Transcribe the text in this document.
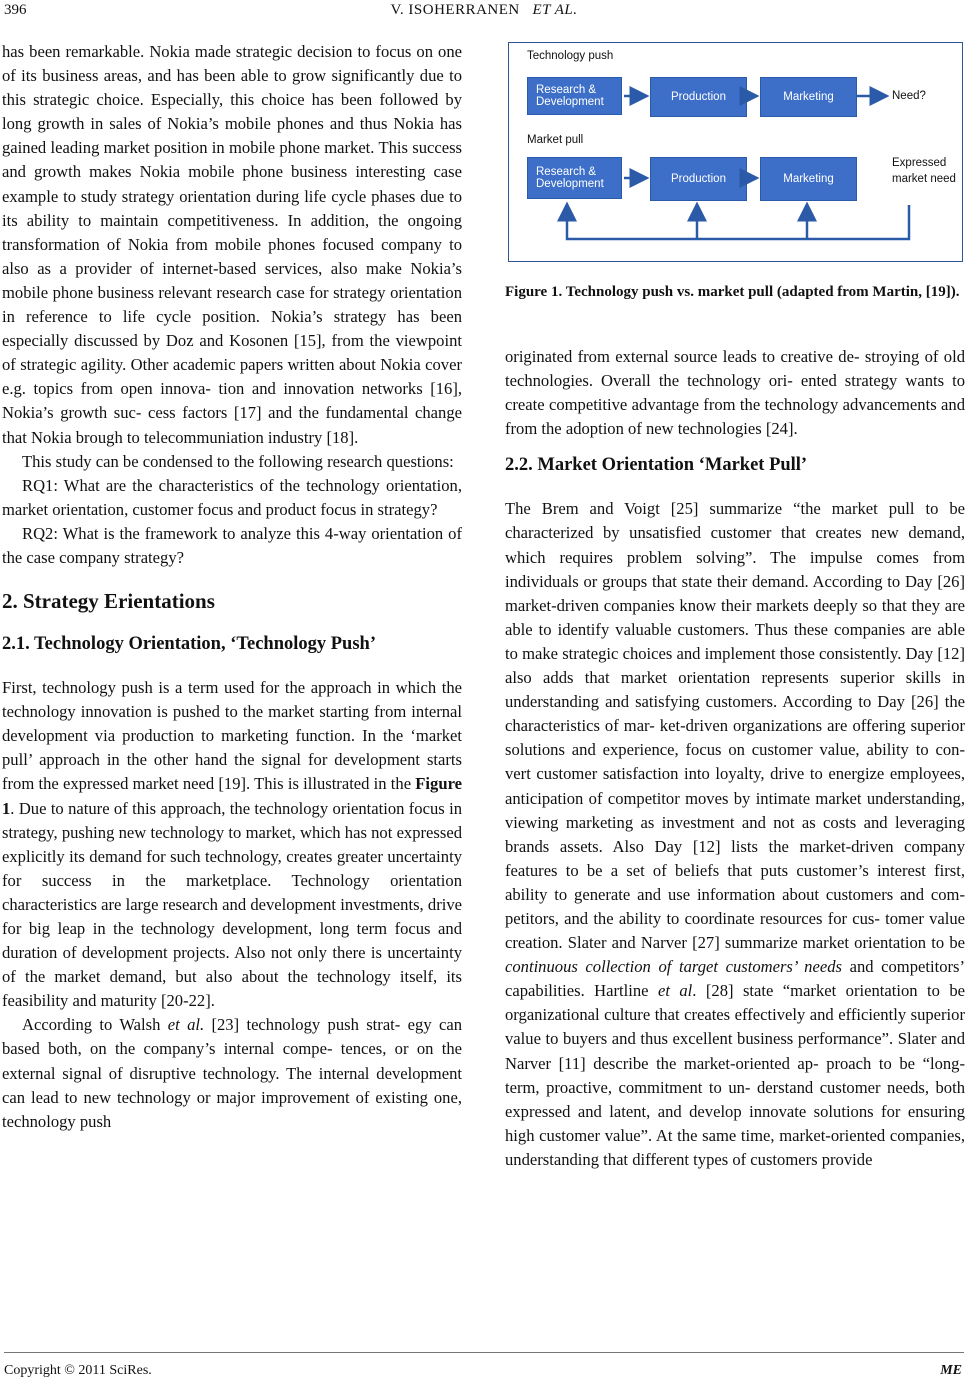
396	V. ISOHERRANEN ET AL.

has been remarkable. Nokia made strategic decision to focus on one of its business areas, and has been able to grow significantly due to this strategic choice. Especially, this choice has been followed by long growth in sales of Nokia’s mobile phones and thus Nokia has gained leading market position in mobile phone market. This success and growth makes Nokia mobile phone business interesting case example to study strategy orientation during life cycle phases due to its ability to maintain competitiveness. In addition, the ongoing transformation of Nokia from mobile phones focused company to also as a provider of internet-based services, also make Nokia’s mobile phone business relevant research case for strategy orientation in reference to life cycle position. Nokia’s strategy has been especially discussed by Doz and Kosonen [15], from the viewpoint of strategic agility. Other academic papers written about Nokia cover e.g. topics from open innova- tion and innovation networks [16], Nokia’s growth suc- cess factors [17] and the fundamental change that Nokia brough to telecommuniation industry [18].

This study can be condensed to the following research questions:

RQ1: What are the characteristics of the technology orientation, market orientation, customer focus and product focus in strategy?

RQ2: What is the framework to analyze this 4-way orientation of the case company strategy?

2. Strategy Erientations
2.1. Technology Orientation, ‘Technology Push’

First, technology push is a term used for the approach in which the technology innovation is pushed to the market starting from internal development via production to marketing function. In the ‘market pull’ approach in the other hand the signal for development starts from the expressed market need [19]. This is illustrated in the Figure 1. Due to nature of this approach, the technology orientation focus in strategy, pushing new technology to market, which has not expressed explicitly its demand for such technology, creates greater uncertainty for success in the marketplace. Technology orientation characteristics are large research and development investments, drive for big leap in the technology development, long term focus and duration of development projects. Also not only there is uncertainty of the market demand, but also about the technology itself, its feasibility and maturity [20-22].

According to Walsh et al. [23] technology push strat- egy can based both, on the company’s internal compe- tences, or on the external signal of disruptive technology. The internal development can lead to new technology or major improvement of existing one, technology push

Technology push
Research & Development	Production	Marketing	Need?
Market pull
Research & Development	Production	Marketing
Expressed market need
Figure 1. Technology push vs. market pull (adapted from Martin, [19]).

originated from external source leads to creative de- stroying of old technologies. Overall the technology ori- ented strategy wants to create competitive advantage from the technology advancements and from the adoption of new technologies [24].

2.2. Market Orientation ‘Market Pull’

The Brem and Voigt [25] summarize “the market pull to be characterized by unsatisfied customer that creates new demand, which requires problem solving”. The impulse comes from individuals or groups that state their demand. According to Day [26] market-driven companies know their markets deeply so that they are able to identify valuable customers. Thus these companies are able to make strategic choices and implement those consistently. Day [12] also adds that market orientation represents superior skills in understanding and satisfying customers. According to Day [26] the characteristics of mar- ket-driven organizations are offering superior solutions and experience, focus on customer value, ability to con- vert customer satisfaction into loyalty, drive to energize employees, anticipation of competitor moves by intimate market understanding, viewing marketing as investment and not as costs and leveraging brands assets. Also Day [12] lists the market-driven company features to be a set of beliefs that puts customer’s interest first, ability to generate and use information about customers and com- petitors, and the ability to coordinate resources for cus- tomer value creation. Slater and Narver [27] summarize market orientation to be continuous collection of target customers’ needs and competitors’ capabilities. Hartline et al. [28] state “market orientation to be organizational culture that creates effectively and efficiently superior value to buyers and thus excellent business performance”. Slater and Narver [11] describe the market-oriented ap- proach to be “long-term, proactive, commitment to un- derstand customer needs, both expressed and latent, and develop innovate solutions for ensuring high customer value”. At the same time, market-oriented companies, understanding that different types of customers provide

Copyright © 2011 SciRes.	ME
